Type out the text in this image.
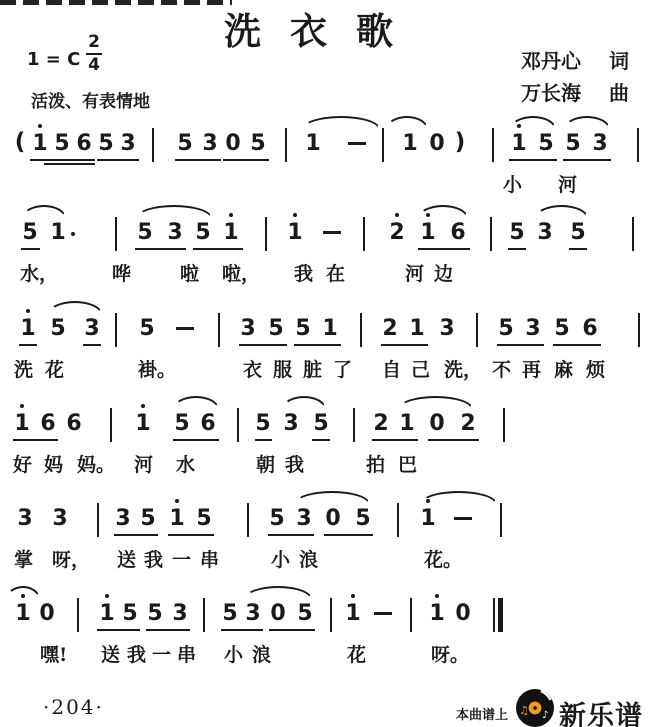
洗衣歌
1 = C
2
4
活泼、有表情地
邓丹心 词
万长海 曲
( 1 5 6 5 3 5 3 0 5 1	1 0 ) 1 5 5 3
小 河
5 1	5 3 5 1 1	2 1 6 5 3 5
水，	哗	啦 啦， 我 在	河 边
1 5 3 5	3 5 5 1 2 1 3 5 3 5 6
洗 花	褂。	衣 服 脏 了 自 己 洗， 不 再 麻 烦
1 6 6 1 5 6 5 3 5 2 1 0 2
好 妈 妈。 河 水	朝 我	拍 巴
3 3 3 5 1 5	5 3 0 5 1
掌 呀， 送 我 一 串	小 浪	花。
1 0 1 5 5 3 5 3 0 5 1	1 0
嘿! 送 我 一 串 小 浪	花	呀。
·204·	本曲谱上 ♫ ♪ 新乐谱
